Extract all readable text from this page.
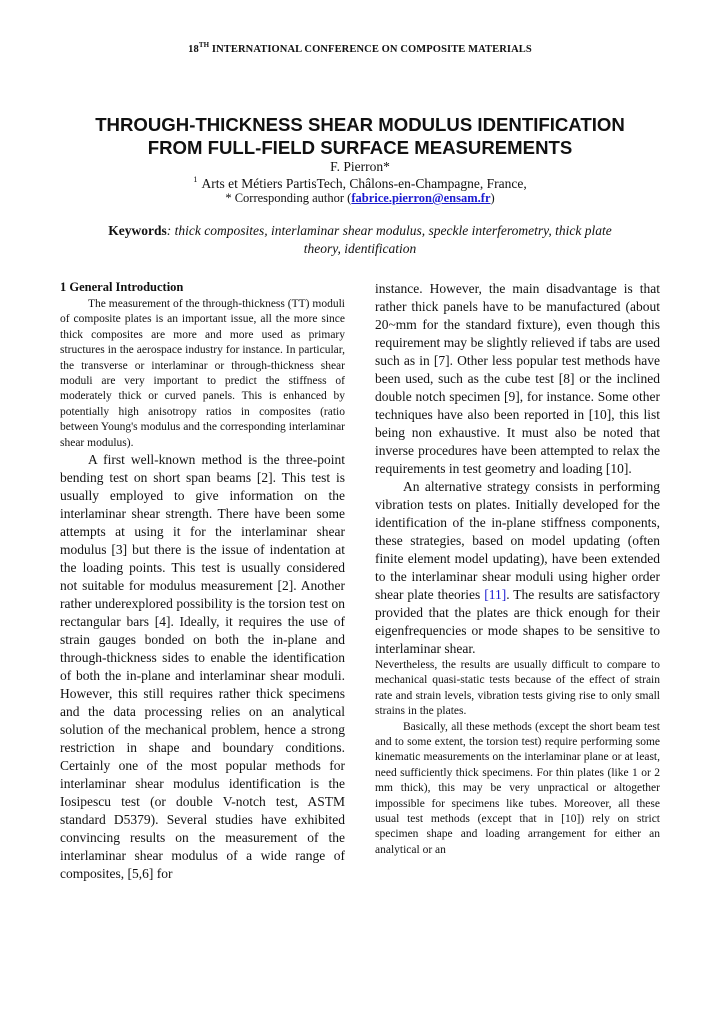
18TH INTERNATIONAL CONFERENCE ON COMPOSITE MATERIALS
THROUGH-THICKNESS SHEAR MODULUS IDENTIFICATION
FROM FULL-FIELD SURFACE MEASUREMENTS
F. Pierron*
$^1$ Arts et Métiers PartisTech, Châlons-en-Champagne, France,
* Corresponding author (fabrice.pierron@ensam.fr)
Keywords: thick composites, interlaminar shear modulus, speckle interferometry, thick plate theory, identification
1 General Introduction

The measurement of the through-thickness (TT) moduli of composite plates is an important issue, all the more since thick composites are more and more used as primary structures in the aerospace industry for instance. In particular, the transverse or interlaminar or through-thickness shear moduli are very important to predict the stiffness of moderately thick or curved panels. This is enhanced by potentially high anisotropy ratios in composites (ratio between Young's modulus and the corresponding interlaminar shear modulus).

A first well-known method is the three-point bending test on short span beams [2]. This test is usually employed to give information on the interlaminar shear strength. There have been some attempts at using it for the interlaminar shear modulus [3] but there is the issue of indentation at the loading points. This test is usually considered not suitable for modulus measurement [2]. Another rather underexplored possibility is the torsion test on rectangular bars [4]. Ideally, it requires the use of strain gauges bonded on both the in-plane and through-thickness sides to enable the identification of both the in-plane and interlaminar shear moduli. However, this still requires rather thick specimens and the data processing relies on an analytical solution of the mechanical problem, hence a strong restriction in shape and boundary conditions. Certainly one of the most popular methods for interlaminar shear modulus identification is the Iosipescu test (or double V-notch test, ASTM standard D5379). Several studies have exhibited convincing results on the measurement of the interlaminar shear modulus of a wide range of composites, [5,6] for

instance. However, the main disadvantage is that rather thick panels have to be manufactured (about 20~mm for the standard fixture), even though this requirement may be slightly relieved if tabs are used such as in [7]. Other less popular test methods have been used, such as the cube test [8] or the inclined double notch specimen [9], for instance. Some other techniques have also been reported in [10], this list being non exhaustive. It must also be noted that inverse procedures have been attempted to relax the requirements in test geometry and loading [10].

An alternative strategy consists in performing vibration tests on plates. Initially developed for the identification of the in-plane stiffness components, these strategies, based on model updating (often finite element model updating), have been extended to the interlaminar shear moduli using higher order shear plate theories [11]. The results are satisfactory provided that the plates are thick enough for their eigenfrequencies or mode shapes to be sensitive to interlaminar shear.

Nevertheless, the results are usually difficult to compare to mechanical quasi-static tests because of the effect of strain rate and strain levels, vibration tests giving rise to only small strains in the plates.

Basically, all these methods (except the short beam test and to some extent, the torsion test) require performing some kinematic measurements on the interlaminar plane or at least, need sufficiently thick specimens. For thin plates (like 1 or 2 mm thick), this may be very unpractical or altogether impossible for specimens like tubes. Moreover, all these usual test methods (except that in [10]) rely on strict specimen shape and loading arrangement for either an analytical or an
